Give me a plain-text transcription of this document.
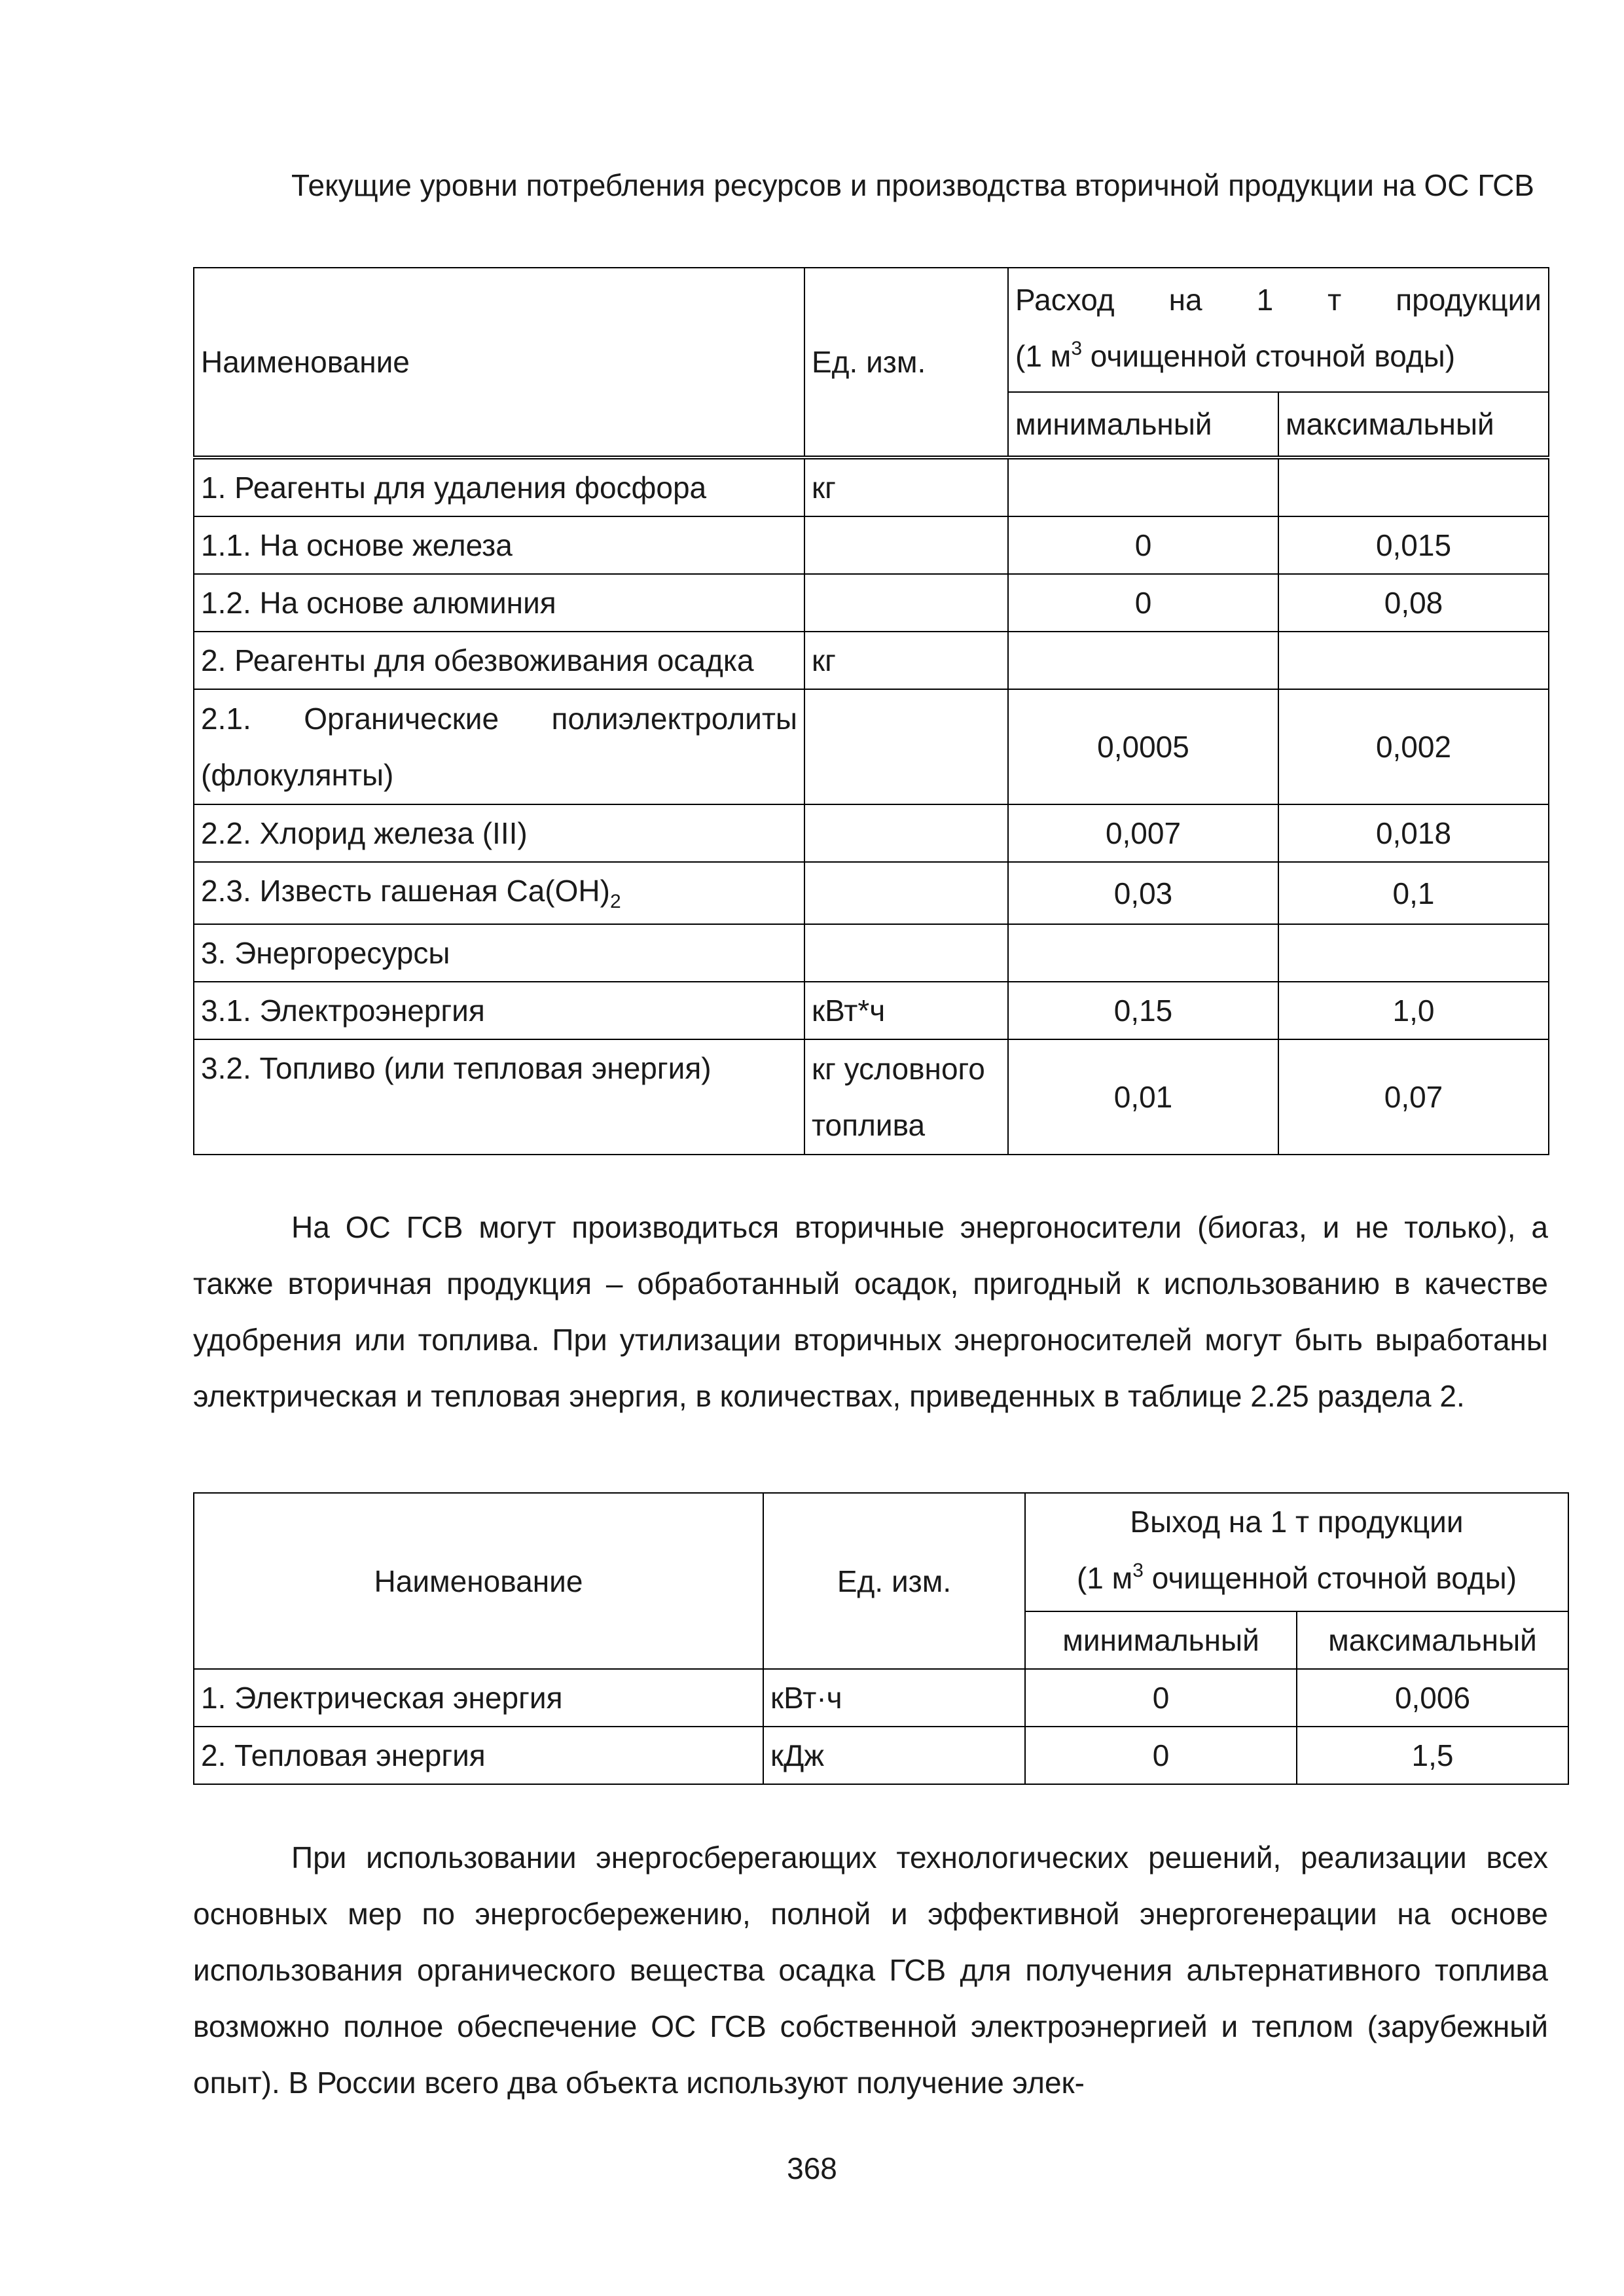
Текущие уровни потребления ресурсов и производства вторичной продукции на ОС ГСВ

Наименование	Ед. изм.	Расход на 1 т продукции
(1 $м^3$ очищенной сточной воды)	

		минимальный	максимальный
1. Реагенты для удаления фосфора	кг		
1.1. На основе железа		0	0,015
1.2. На основе алюминия		0	0,08
2. Реагенты для обезвоживания осадка	кг		
2.1. Органические полиэлектролиты (флокулянты)		0,0005	0,002
2.2. Хлорид железа (III)		0,007	0,018
2.3. Известь гашеная $Ca(OH)_2$		0,03	0,1
3. Энергоресурсы			
3.1. Электроэнергия	кВт*ч	0,15	1,0
3.2. Топливо (или тепловая энергия)	кг условного топлива	0,01	0,07

На ОС ГСВ могут производиться вторичные энергоносители (биогаз, и не только), а также вторичная продукция – обработанный осадок, пригодный к использованию в качестве удобрения или топлива. При утилизации вторичных энергоносителей могут быть выработаны электрическая и тепловая энергия, в количествах, приведенных в таблице 2.25 раздела 2.

Наименование	Ед. изм.	Выход на 1 т продукции
(1 $м^3$ очищенной сточной воды)	

		минимальный	максимальный
1. Электрическая энергия	кВт·ч	0	0,006
2. Тепловая энергия	кДж	0	1,5

При использовании энергосберегающих технологических решений, реализации всех основных мер по энергосбережению, полной и эффективной энергогенерации на основе использования органического вещества осадка ГСВ для получения альтернативного топлива возможно полное обеспечение ОС ГСВ собственной электроэнергией и теплом (зарубежный опыт). В России всего два объекта используют получение элек-

368
